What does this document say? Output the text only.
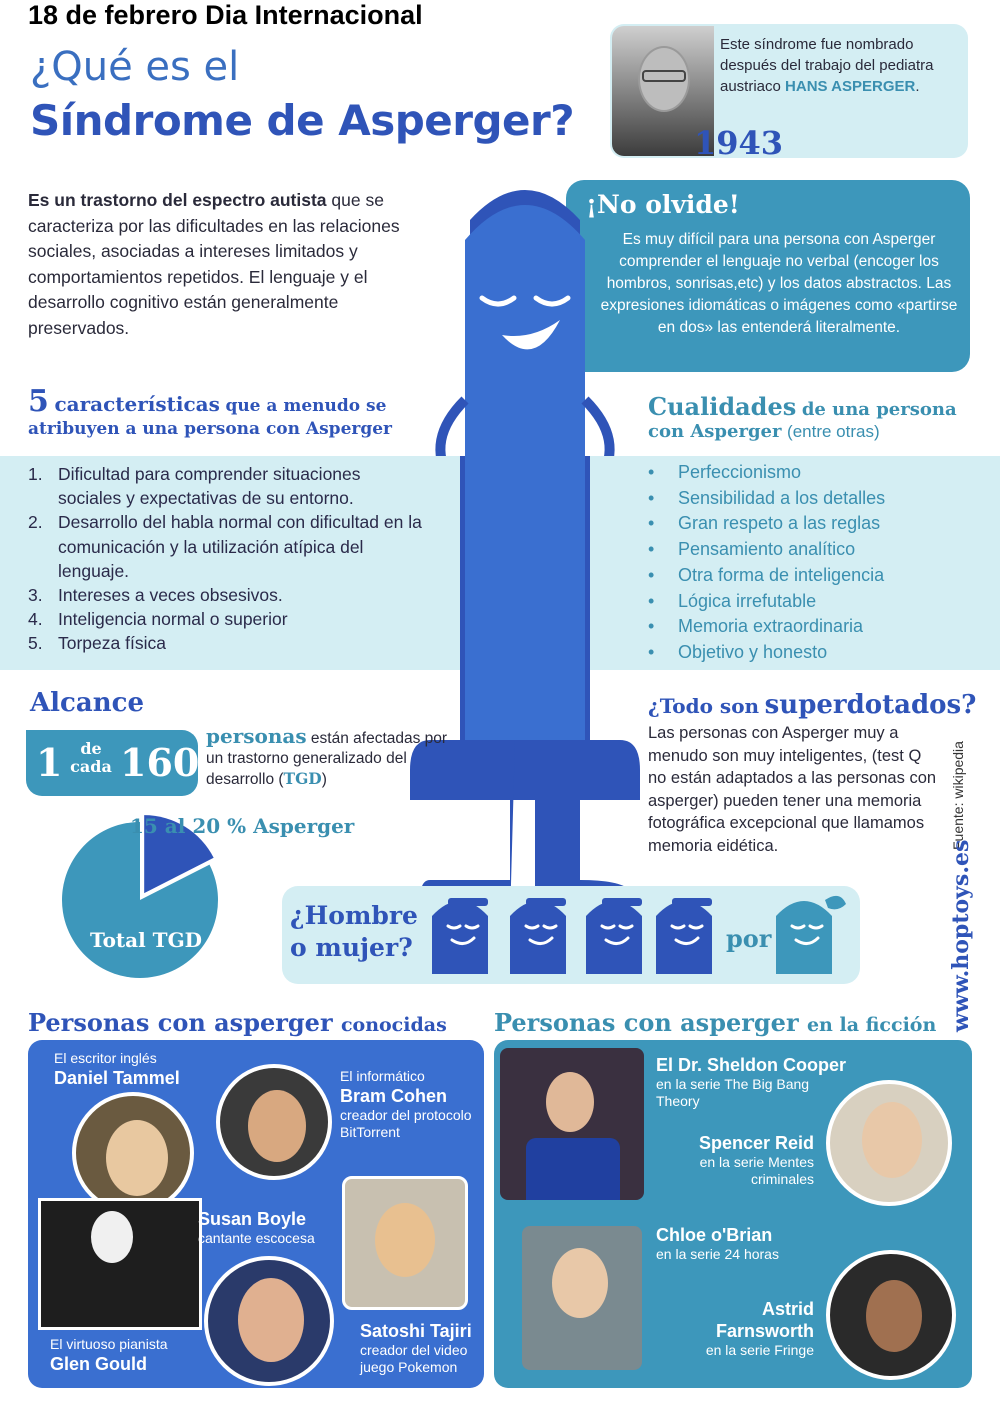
18 de febrero Dia Internacional
¿Qué es el
Síndrome de Asperger?
Este síndrome fue nombrado después del trabajo del pediatra austriaco HANS ASPERGER.
1943
Es un trastorno del espectro autista que se caracteriza por las dificultades en las relaciones sociales, asociadas a intereses limitados y comportamientos repetidos. El lenguaje y el desarrollo cognitivo están generalmente preservados.
¡No olvide!
Es muy difícil para una persona con Asperger comprender el lenguaje no verbal (encoger los hombros, sonrisas,etc) y los datos abstractos. Las expresiones idiomáticas o imágenes como «partirse en dos» las entenderá literalmente.
5 características que a menudo se
atribuyen a una persona con Asperger
1. Dificultad para comprender situaciones sociales y expectativas de su entorno.
2. Desarrollo del habla normal con dificultad en la comunicación y la utilización atípica del lenguaje.
3. Intereses a veces obsesivos.
4. Inteligencia normal o superior
5. Torpeza física
Cualidades de una persona
con Asperger (entre otras)
•	Perfeccionismo
•	Sensibilidad a los detalles
•	Gran respeto a las reglas
•	Pensamiento analítico
•	Otra forma de inteligencia
•	Lógica irrefutable
•	Memoria extraordinaria
•	Objetivo y honesto
Alcance
1	de
cada 160
personas están afectadas por un trastorno generalizado del desarrollo (TGD)
15 al 20 % Asperger
Total TGD
¿Todo son superdotados?
Las personas con Asperger muy a menudo son muy inteligentes, (test Q no están adaptados a las personas con asperger) pueden tener una memoria fotográfica excepcional que llamamos memoria eidética.	Fuente: wikipedia
www.hoptoys.es
¿Hombre
o mujer?	por
Personas con asperger conocidas Personas con asperger en la ficción
El escritor inglés
Daniel Tammel	El informático
Bram Cohen
creador del protocolo BitTorrent
Susan Boyle
cantante escocesa
El virtuoso pianista
Glen Gould
Satoshi Tajiri
creador del video juego Pokemon
El Dr. Sheldon Cooper
en la serie The Big Bang Theory
Spencer Reid
en la serie Mentes criminales
Chloe o'Brian
en la serie 24 horas
Astrid Farnsworth
en la serie Fringe
